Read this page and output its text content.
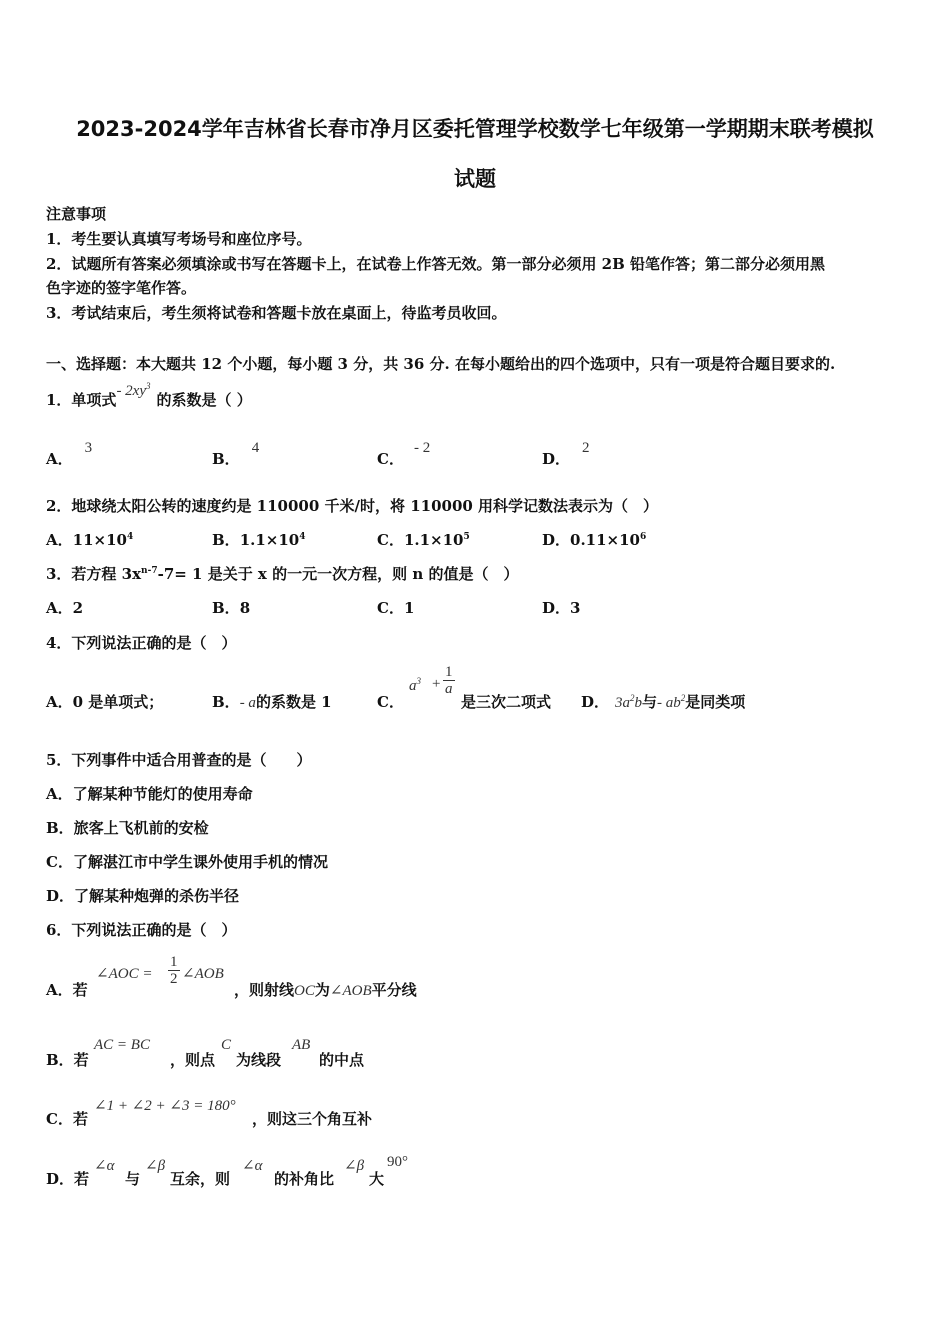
2023-2024学年吉林省长春市净月区委托管理学校数学七年级第一学期期末联考模拟
试题
注意事项
1．考生要认真填写考场号和座位序号。
2．试题所有答案必须填涂或书写在答题卡上，在试卷上作答无效。第一部分必须用 2B 铅笔作答；第二部分必须用黑
色字迹的签字笔作答。
3．考试结束后，考生须将试卷和答题卡放在桌面上，待监考员收回。
一、选择题：本大题共 12 个小题，每小题 3 分，共 36 分. 在每小题给出的四个选项中，只有一项是符合题目要求的.
1．单项式- $2xy^3$的系数是（ ）
A．3
B．4
C．- 2
D．2
2．地球绕太阳公转的速度约是 110000 千米/时，将 110000 用科学记数法表示为（　）
A．$11\times 10^4$	B．$1.1\times 10^4$	C．$1.1\times 10^5$	D．$0.11\times 10^6$
3．若方程 $3x^{n-7}-7= 1$ 是关于 x 的一元一次方程，则 n 的值是（　）
A．2	B．8	C．1	D．3
4．下列说法正确的是（　）
A．0 是单项式；	B．- a的系数是 1	C．
$a^3 + \frac{1}{a}$
是三次二项式 D． $3a^2b$与- $ab^2$是同类项
5．下列事件中适合用普查的是（　　）
A．了解某种节能灯的使用寿命
B．旅客上飞机前的安检
C．了解湛江市中学生课外使用手机的情况
D．了解某种炮弹的杀伤半径
6．下列说法正确的是（　）
A．若
∠AOC = $\frac{1}{2}$ ∠AOB
，则射线OC为∠AOB平分线
B．若
AC = BC
，则点
C
为线段
AB
的中点
C．若
∠1 + ∠2 + ∠3 = 180°
，则这三个角互补
D．若
∠α
与
∠β
互余，则
∠α
的补角比
∠β
大
90°
